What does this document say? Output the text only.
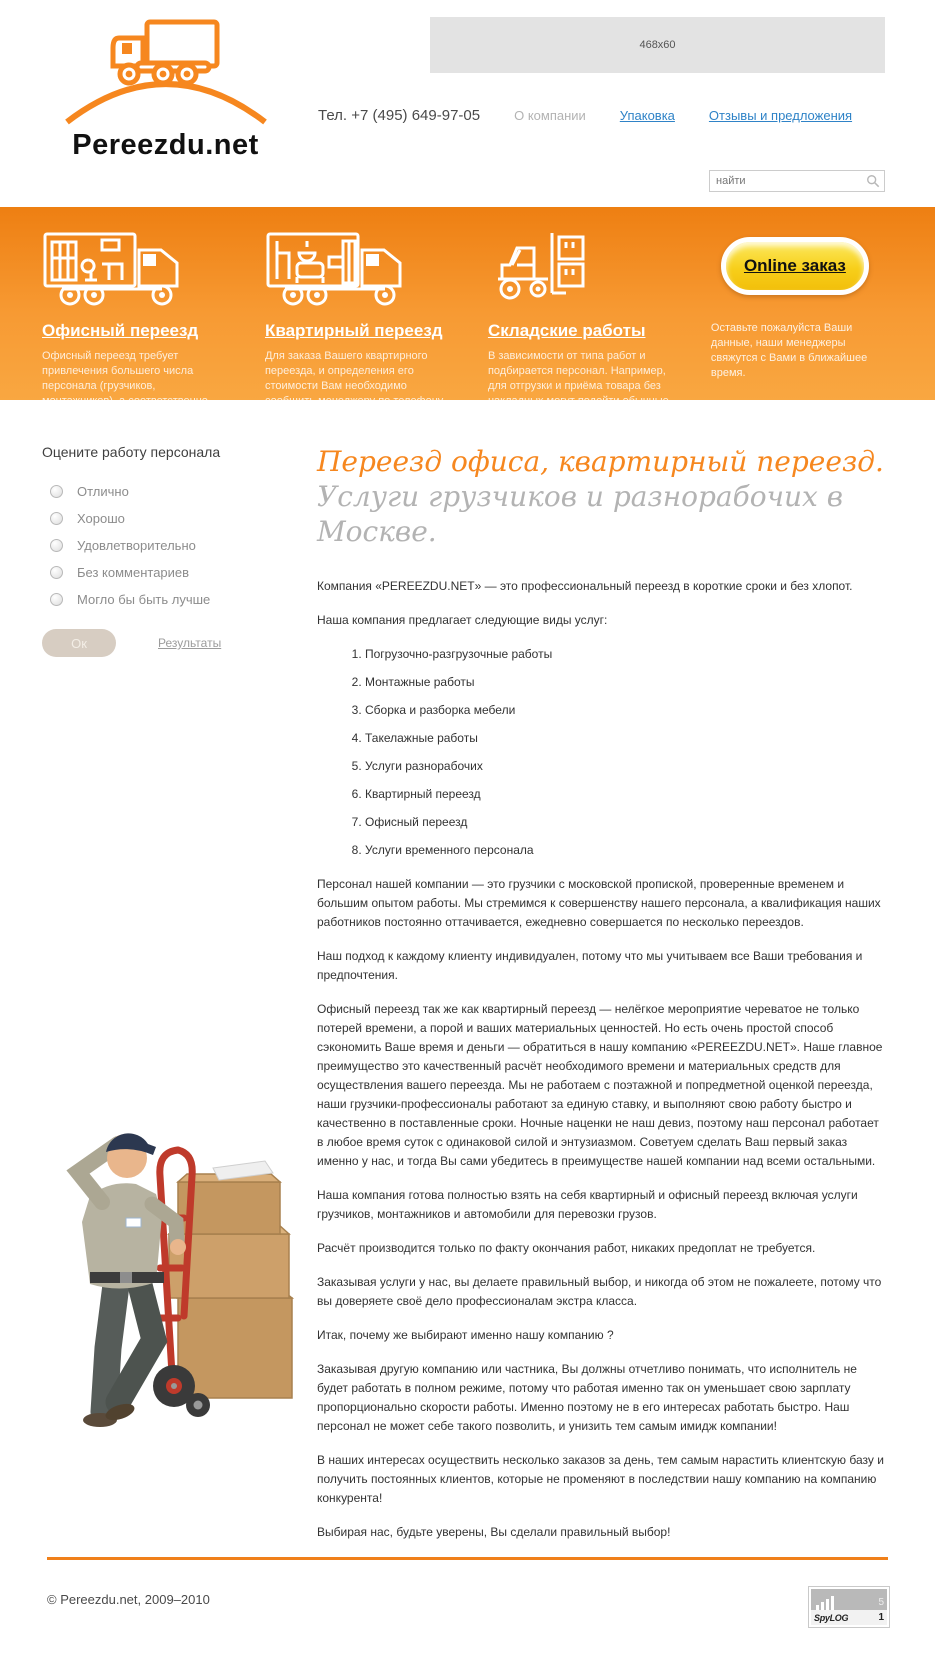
Pereezdu.net
468x60
Тел. +7 (495) 649-97-05	О компании	Упаковка	Отзывы и предложения
найти
Офисный переезд
Офисный переезд требует привлечения большего числа персонала (грузчиков, монтажников), а соответственно занимает большее количество времени.
Квартирный переезд
Для заказа Вашего квартирного переезда, и определения его стоимости Вам необходимо сообщить менеджеру по телефону информацию об объёме перевозимых вещей.
Складские работы
В зависимости от типа работ и подбирается персонал. Например, для отгрузки и приёма товара без накладных могут подойти обычные грузчики.
Online заказ
Оставьте пожалуйста Ваши данные, наши менеджеры свяжутся с Вами в ближайшее время.
Оцените работу персонала
Отлично
Хорошо
Удовлетворительно
Без комментариев
Могло бы быть лучше
Ок	Результаты
Переезд офиса, квартирный переезд.
Услуги грузчиков и разнорабочих в Москве.

Компания «PEREEZDU.NET» — это профессиональный переезд в короткие сроки и без хлопот.

Наша компания предлагает следующие виды услуг:

1. Погрузочно-разгрузочные работы
2. Монтажные работы
3. Сборка и разборка мебели
4. Такелажные работы
5. Услуги разнорабочих
6. Квартирный переезд
7. Офисный переезд
8. Услуги временного персонала

Персонал нашей компании — это грузчики с московской пропиской, проверенные временем и большим опытом работы. Мы стремимся к совершенству нашего персонала, а квалификация наших работников постоянно оттачивается, ежедневно совершается по несколько переездов.

Наш подход к каждому клиенту индивидуален, потому что мы учитываем все Ваши требования и предпочтения.

Офисный переезд так же как квартирный переезд — нелёгкое мероприятие череватое не только потерей времени, а порой и ваших материальных ценностей. Но есть очень простой способ сэкономить Ваше время и деньги — обратиться в нашу компанию «PEREEZDU.NET». Наше главное преимущество это качественный расчёт необходимого времени и материальных средств для осуществления вашего переезда. Мы не работаем с поэтажной и попредметной оценкой переезда, наши грузчики-профессионалы работают за единую ставку, и выполняют свою работу быстро и качественно в поставленные сроки. Ночные наценки не наш девиз, поэтому наш персонал работает в любое время суток с одинаковой силой и энтузиазмом. Советуем сделать Ваш первый заказ именно у нас, и тогда Вы сами убедитесь в преимуществе нашей компании над всеми остальными.

Наша компания готова полностью взять на себя квартирный и офисный переезд включая услуги грузчиков, монтажников и автомобили для перевозки грузов.

Расчёт производится только по факту окончания работ, никаких предоплат не требуется.

Заказывая услуги у нас, вы делаете правильный выбор, и никогда об этом не пожалеете, потому что вы доверяете своё дело профессионалам экстра класса.

Итак, почему же выбирают именно нашу компанию ?

Заказывая другую компанию или частника, Вы должны отчетливо понимать, что исполнитель не будет работать в полном режиме, потому что работая именно так он уменьшает свою зарплату пропорционально скорости работы. Именно поэтому не в его интересах работать быстро. Наш персонал не может себе такого позволить, и унизить тем самым имидж компании!

В наших интересах осуществить несколько заказов за день, тем самым нарастить клиентскую базу и получить постоянных клиентов, которые не променяют в последствии нашу компанию на компанию конкурента!

Выбирая нас, будьте уверены, Вы сделали правильный выбор!

© Pereezdu.net, 2009–2010	5
SpyLOG	1
